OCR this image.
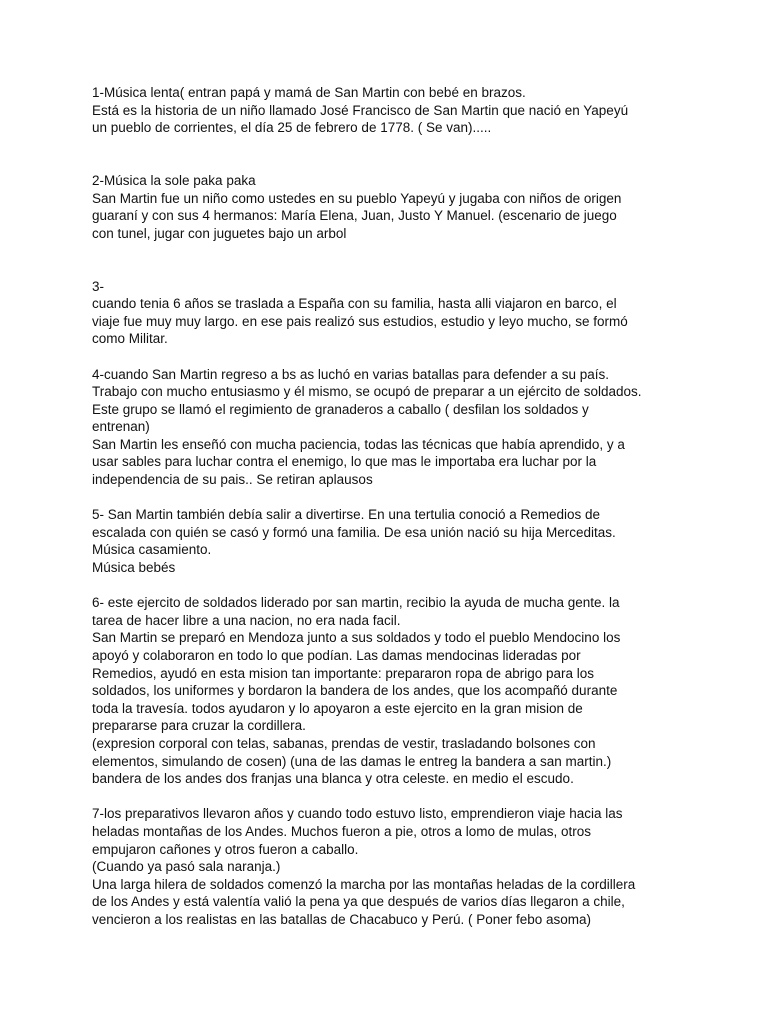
1-Música lenta( entran papá y mamá de San Martin con bebé en brazos.
Está es la historia de un niño llamado José Francisco de San Martin que nació en Yapeyú
un pueblo de corrientes, el día 25 de febrero de 1778. ( Se van).....
2-Música la sole paka paka
San Martin fue un niño como ustedes en su pueblo Yapeyú y jugaba con niños de origen
guaraní y con sus 4 hermanos: María Elena, Juan, Justo Y Manuel. (escenario de juego
con tunel, jugar con juguetes bajo un arbol
3-
cuando tenia 6 años se traslada a España con su familia, hasta alli viajaron en barco, el
viaje fue muy muy largo. en ese pais realizó sus estudios, estudio y leyo mucho, se formó
como Militar.
4-cuando San Martin regreso a bs as luchó en varias batallas para defender a su país.
Trabajo con mucho entusiasmo y él mismo, se ocupó de preparar a un ejército de soldados.
Este grupo se llamó el regimiento de granaderos a caballo ( desfilan los soldados y
entrenan)
San Martin les enseñó con mucha paciencia, todas las técnicas que había aprendido, y a
usar sables para luchar contra el enemigo, lo que mas le importaba era luchar por la
independencia de su pais.. Se retiran aplausos
5- San Martin también debía salir a divertirse. En una tertulia conoció a Remedios de
escalada con quién se casó y formó una familia. De esa unión nació su hija Merceditas.
Música casamiento.
Música bebés
6- este ejercito de soldados liderado por san martin, recibio la ayuda de mucha gente. la
tarea de hacer libre a una nacion, no era nada facil.
San Martin se preparó en Mendoza junto a sus soldados y todo el pueblo Mendocino los
apoyó y colaboraron en todo lo que podían. Las damas mendocinas lideradas por
Remedios, ayudó en esta mision tan importante: prepararon ropa de abrigo para los
soldados, los uniformes y bordaron la bandera de los andes, que los acompañó durante
toda la travesía. todos ayudaron y lo apoyaron a este ejercito en la gran mision de
prepararse para cruzar la cordillera.
(expresion corporal con telas, sabanas, prendas de vestir, trasladando bolsones con
elementos, simulando de cosen) (una de las damas le entreg la bandera a san martin.)
bandera de los andes dos franjas una blanca y otra celeste. en medio el escudo.
7-los preparativos llevaron años y cuando todo estuvo listo, emprendieron viaje hacia las
heladas montañas de los Andes. Muchos fueron a pie, otros a lomo de mulas, otros
empujaron cañones y otros fueron a caballo.
(Cuando ya pasó sala naranja.)
Una larga hilera de soldados comenzó la marcha por las montañas heladas de la cordillera
de los Andes y está valentía valió la pena ya que después de varios días llegaron a chile,
vencieron a los realistas en las batallas de Chacabuco y Perú. ( Poner febo asoma)
